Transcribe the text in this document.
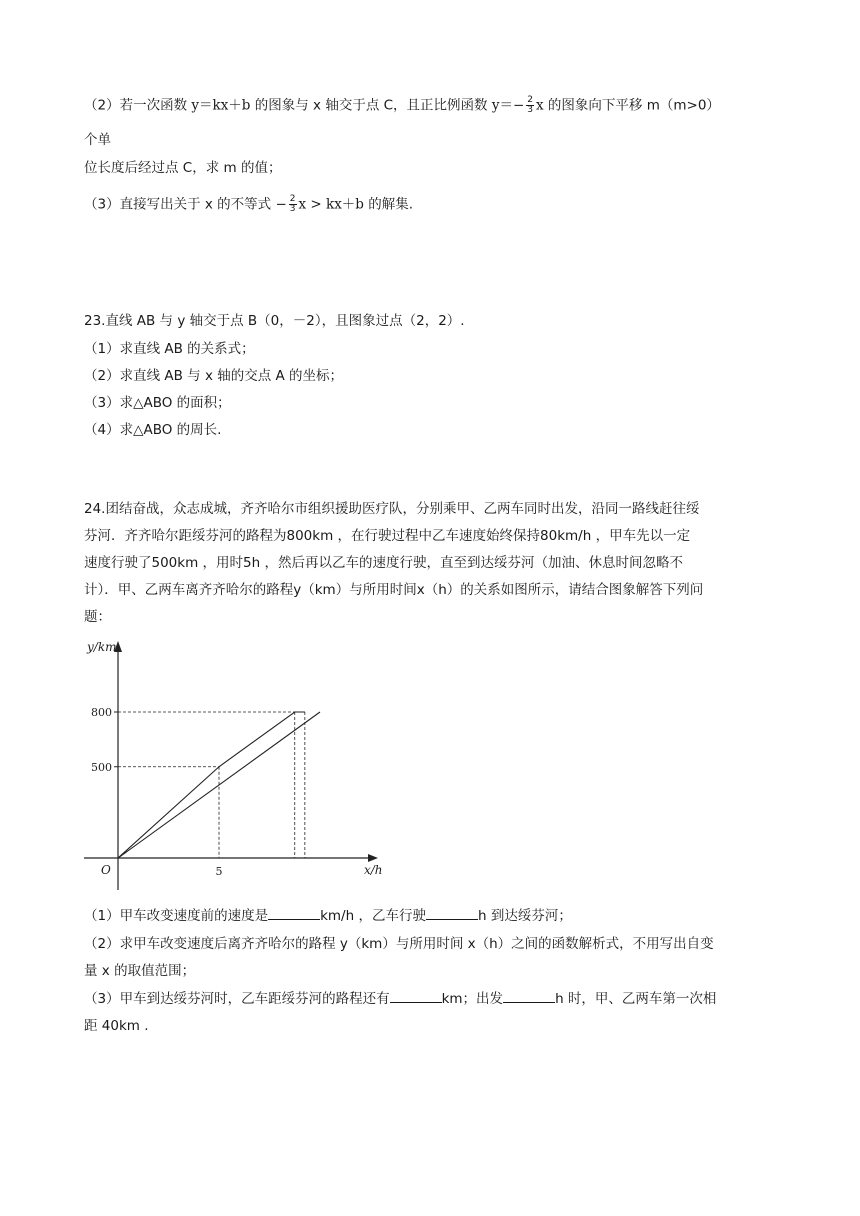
（2）若一次函数 y＝kx＋b 的图象与 x 轴交于点 C，且正比例函数 $y=- \frac{2}{3}$ x 的图象向下平移 m（m>0）
个单
位长度后经过点 C，求 m 的值；
（3）直接写出关于 x 的不等式 − $\frac{2}{3}$ x > kx＋b 的解集.
23.直线 AB 与 y 轴交于点 B（0，－2），且图象过点（2，2）.
（1）求直线 AB 的关系式；
（2）求直线 AB 与 x 轴的交点 A 的坐标；
（3）求△ABO 的面积；
（4）求△ABO 的周长.
24.团结奋战，众志成城，齐齐哈尔市组织援助医疗队，分别乘甲、乙两车同时出发，沿同一路线赶往绥
芬河．齐齐哈尔距绥芬河的路程为800km ，在行驶过程中乙车速度始终保持80km/h ，甲车先以一定
速度行驶了500km ，用时5h ，然后再以乙车的速度行驶，直至到达绥芬河（加油、休息时间忽略不
计）．甲、乙两车离齐齐哈尔的路程y（km）与所用时间x（h）的关系如图所示，请结合图象解答下列问
题：
y/km
x/h
O
500
800
5
（1）甲车改变速度前的速度是	km/h ，乙车行驶	h 到达绥芬河；
（2）求甲车改变速度后离齐齐哈尔的路程 y（km）与所用时间 x（h）之间的函数解析式，不用写出自变
量 x 的取值范围；
（3）甲车到达绥芬河时，乙车距绥芬河的路程还有	km；出发	h 时，甲、乙两车第一次相
距 40km .
